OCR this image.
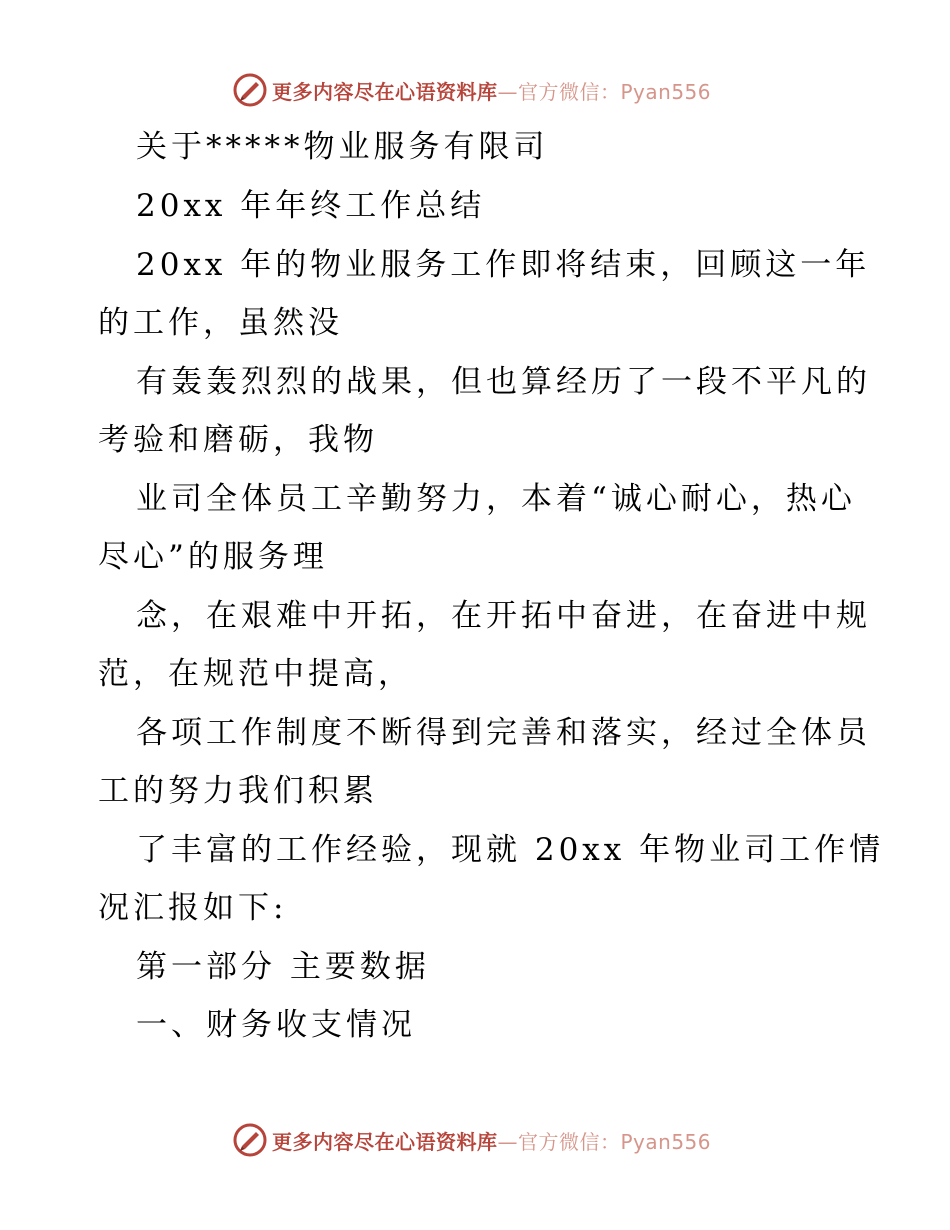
更多内容尽在心语资料库—官方微信：Pyan556
关于*****物业服务有限司
20xx 年年终工作总结
20xx 年的物业服务工作即将结束，回顾这一年
的工作，虽然没
有轰轰烈烈的战果，但也算经历了一段不平凡的
考验和磨砺，我物
业司全体员工辛勤努力，本着“诚心耐心，热心
尽心”的服务理
念，在艰难中开拓，在开拓中奋进，在奋进中规
范，在规范中提高，
各项工作制度不断得到完善和落实，经过全体员
工的努力我们积累
了丰富的工作经验，现就 20xx 年物业司工作情
况汇报如下:
第一部分 主要数据
一、财务收支情况
更多内容尽在心语资料库—官方微信：Pyan556
